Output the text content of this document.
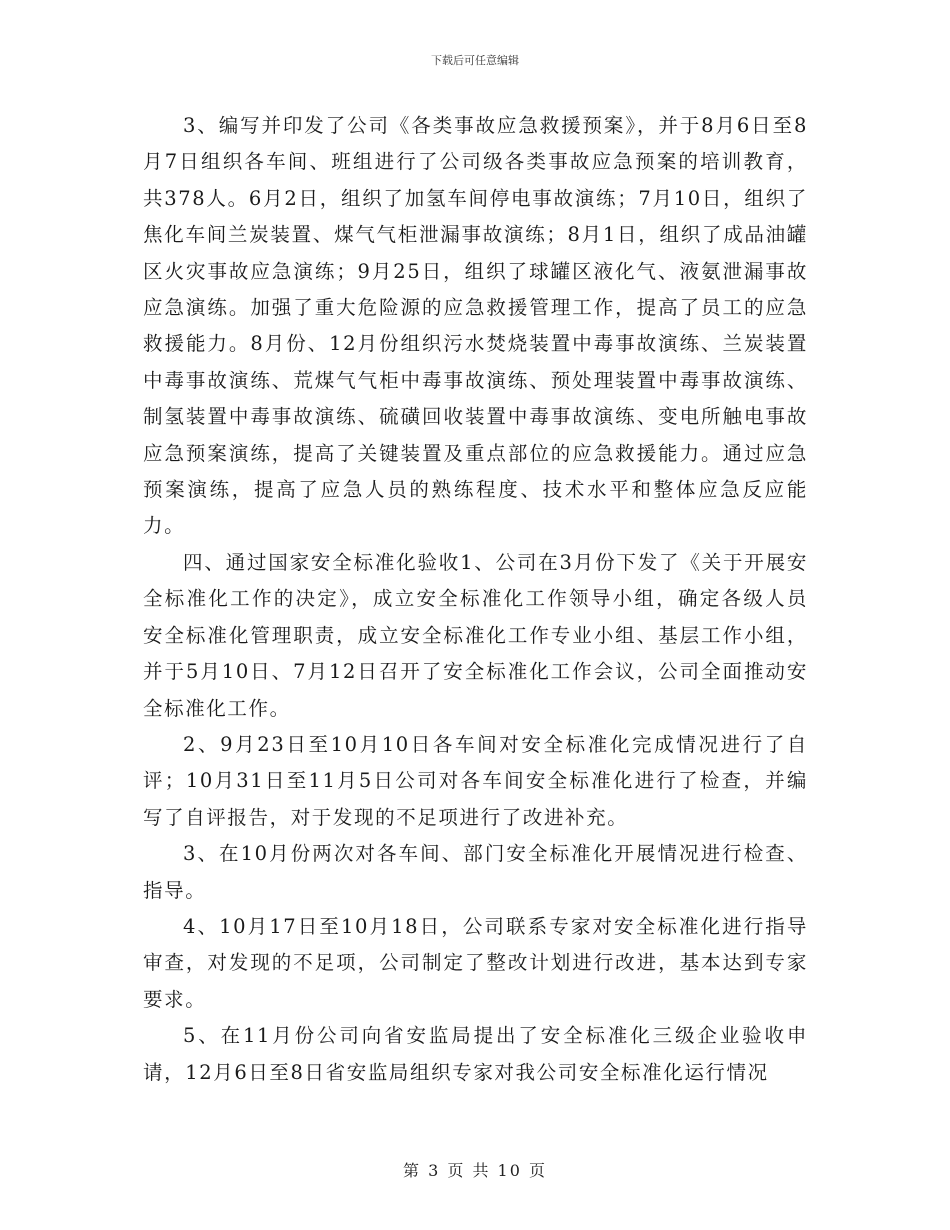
下载后可任意编辑

3、编写并印发了公司《各类事故应急救援预案》，并于8月6日至8月7日组织各车间、班组进行了公司级各类事故应急预案的培训教育，共378人。6月2日，组织了加氢车间停电事故演练；7月10日，组织了焦化车间兰炭装置、煤气气柜泄漏事故演练；8月1日，组织了成品油罐区火灾事故应急演练；9月25日，组织了球罐区液化气、液氨泄漏事故应急演练。加强了重大危险源的应急救援管理工作，提高了员工的应急救援能力。8月份、12月份组织污水焚烧装置中毒事故演练、兰炭装置中毒事故演练、荒煤气气柜中毒事故演练、预处理装置中毒事故演练、制氢装置中毒事故演练、硫磺回收装置中毒事故演练、变电所触电事故应急预案演练，提高了关键装置及重点部位的应急救援能力。通过应急预案演练，提高了应急人员的熟练程度、技术水平和整体应急反应能力。

四、通过国家安全标准化验收1、公司在3月份下发了《关于开展安全标准化工作的决定》，成立安全标准化工作领导小组，确定各级人员安全标准化管理职责，成立安全标准化工作专业小组、基层工作小组，并于5月10日、7月12日召开了安全标准化工作会议，公司全面推动安全标准化工作。

2、9月23日至10月10日各车间对安全标准化完成情况进行了自评；10月31日至11月5日公司对各车间安全标准化进行了检查，并编写了自评报告，对于发现的不足项进行了改进补充。

3、在10月份两次对各车间、部门安全标准化开展情况进行检查、指导。

4、10月17日至10月18日，公司联系专家对安全标准化进行指导审查，对发现的不足项，公司制定了整改计划进行改进，基本达到专家要求。

5、在11月份公司向省安监局提出了安全标准化三级企业验收申请，12月6日至8日省安监局组织专家对我公司安全标准化运行情况

第 3 页 共 10 页
